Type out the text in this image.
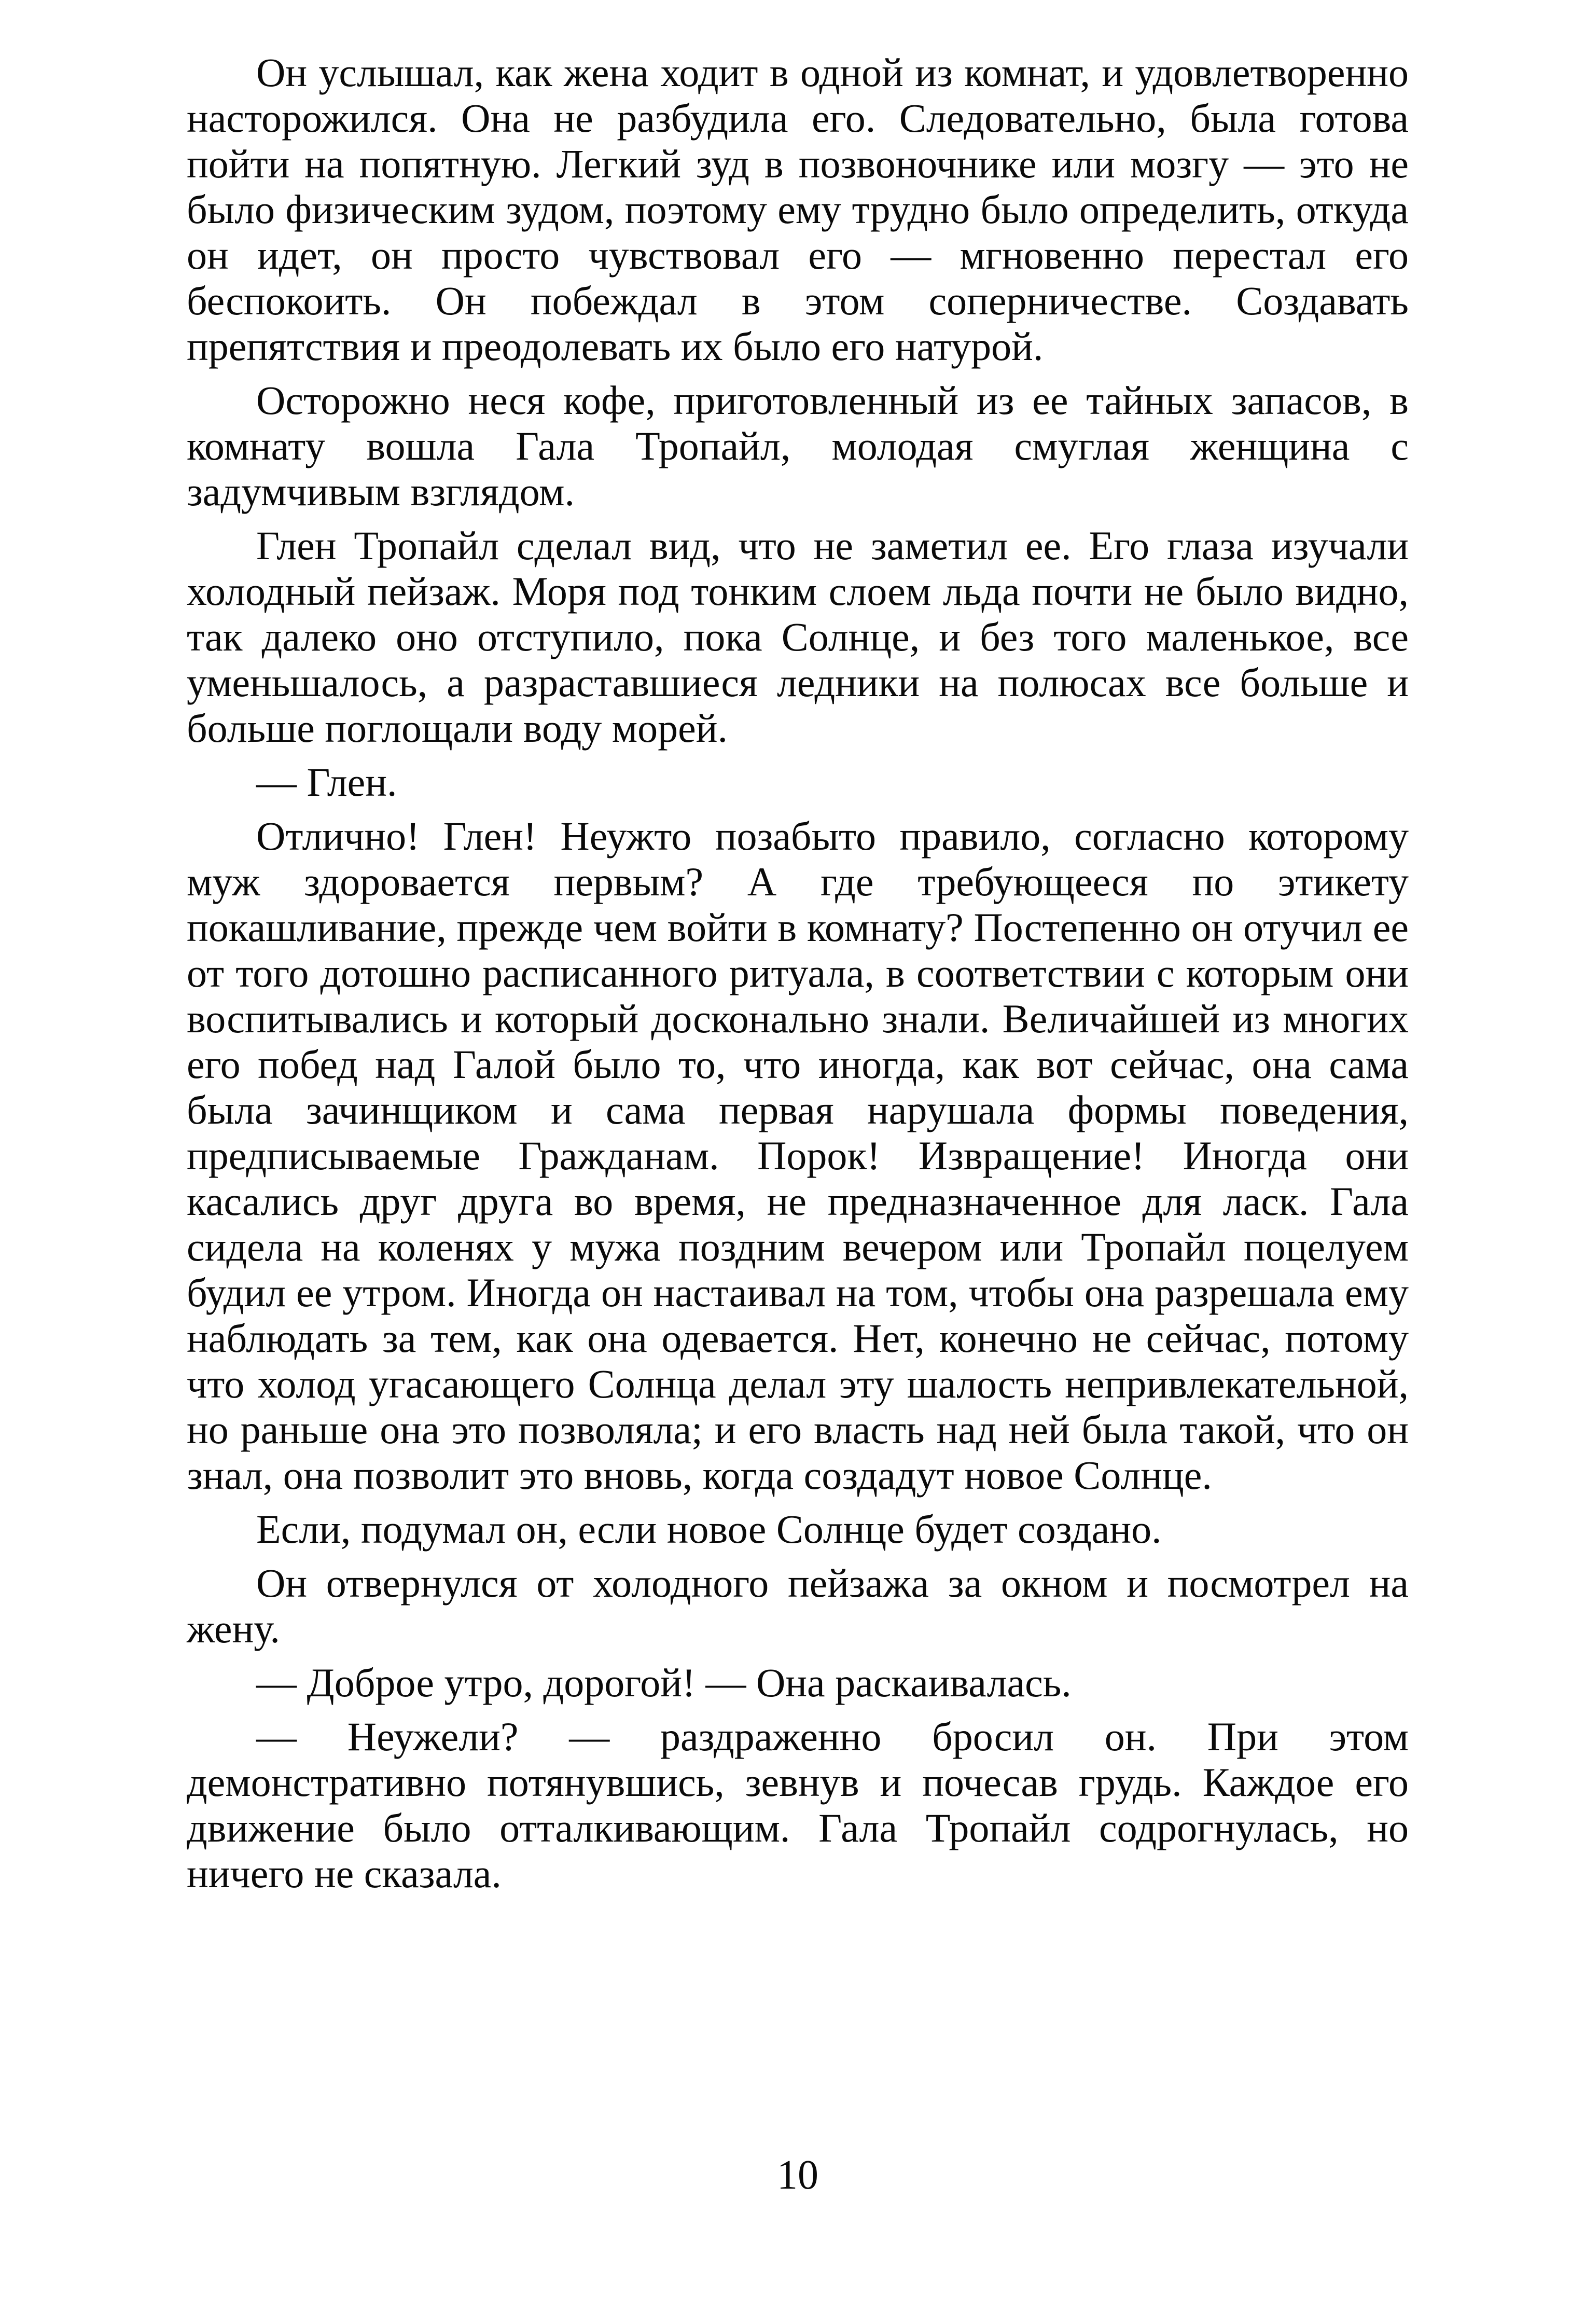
Он услышал, как жена ходит в одной из комнат, и удовлетворенно насторожился. Она не разбудила его. Следовательно, была готова пойти на попятную. Легкий зуд в позвоночнике или мозгу — это не было физическим зудом, поэтому ему трудно было определить, откуда он идет, он просто чувствовал его — мгновенно перестал его беспокоить. Он побеждал в этом соперничестве. Создавать препятствия и преодолевать их было его натурой.

Осторожно неся кофе, приготовленный из ее тайных запасов, в комнату вошла Гала Тропайл, молодая смуглая женщина с задумчивым взглядом.

Глен Тропайл сделал вид, что не заметил ее. Его глаза изучали холодный пейзаж. Моря под тонким слоем льда почти не было видно, так далеко оно отступило, пока Солнце, и без того маленькое, все уменьшалось, а разраставшиеся ледники на полюсах все больше и больше поглощали воду морей.

— Глен.

Отлично! Глен! Неужто позабыто правило, согласно которому муж здоровается первым? А где требующееся по этикету покашливание, прежде чем войти в комнату? Постепенно он отучил ее от того дотошно расписанного ритуала, в соответствии с которым они воспитывались и который досконально знали. Величайшей из многих его побед над Галой было то, что иногда, как вот сейчас, она сама была зачинщиком и сама первая нарушала формы поведения, предписываемые Гражданам. Порок! Извращение! Иногда они касались друг друга во время, не предназначенное для ласк. Гала сидела на коленях у мужа поздним вечером или Тропайл поцелуем будил ее утром. Иногда он настаивал на том, чтобы она разрешала ему наблюдать за тем, как она одевается. Нет, конечно не сейчас, потому что холод угасающего Солнца делал эту шалость непривлекательной, но раньше она это позволяла; и его власть над ней была такой, что он знал, она позволит это вновь, когда создадут новое Солнце.

Если, подумал он, если новое Солнце будет создано.

Он отвернулся от холодного пейзажа за окном и посмотрел на жену.

— Доброе утро, дорогой! — Она раскаивалась.

— Неужели? — раздраженно бросил он. При этом демонстративно потянувшись, зевнув и почесав грудь. Каждое его движение было отталкивающим. Гала Тропайл содрогнулась, но ничего не сказала.

10
